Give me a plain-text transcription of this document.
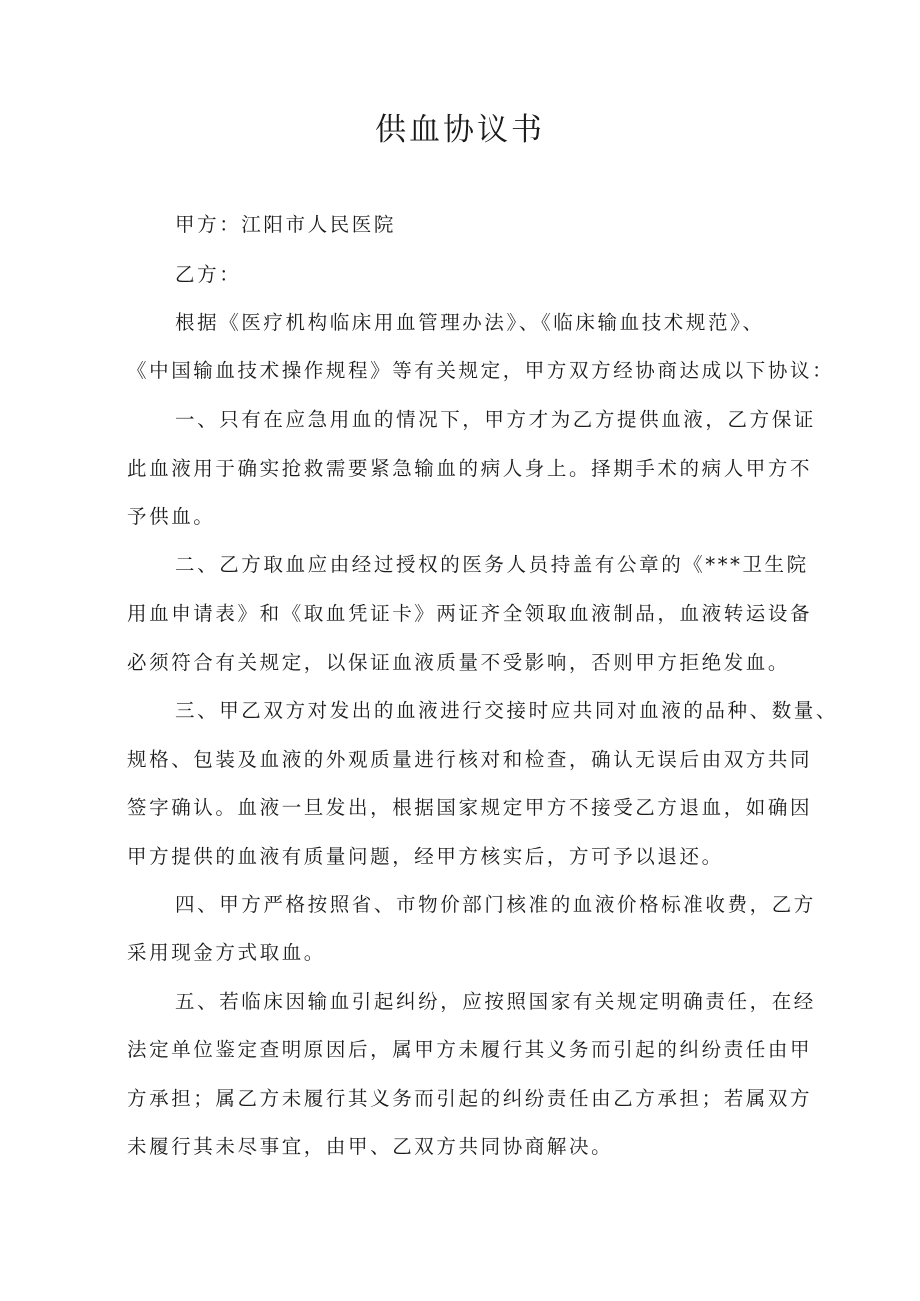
供血协议书
甲方：江阳市人民医院
乙方：
根据《医疗机构临床用血管理办法》、《临床输血技术规范》、
《中国输血技术操作规程》等有关规定，甲方双方经协商达成以下协议：
一、只有在应急用血的情况下，甲方才为乙方提供血液，乙方保证
此血液用于确实抢救需要紧急输血的病人身上。择期手术的病人甲方不
予供血。
二、乙方取血应由经过授权的医务人员持盖有公章的《***卫生院
用血申请表》和《取血凭证卡》两证齐全领取血液制品，血液转运设备
必须符合有关规定，以保证血液质量不受影响，否则甲方拒绝发血。
三、甲乙双方对发出的血液进行交接时应共同对血液的品种、数量、
规格、包装及血液的外观质量进行核对和检查，确认无误后由双方共同
签字确认。血液一旦发出，根据国家规定甲方不接受乙方退血，如确因
甲方提供的血液有质量问题，经甲方核实后，方可予以退还。
四、甲方严格按照省、市物价部门核准的血液价格标准收费，乙方
采用现金方式取血。
五、若临床因输血引起纠纷，应按照国家有关规定明确责任，在经
法定单位鉴定查明原因后，属甲方未履行其义务而引起的纠纷责任由甲
方承担；属乙方未履行其义务而引起的纠纷责任由乙方承担；若属双方
未履行其未尽事宜，由甲、乙双方共同协商解决。
